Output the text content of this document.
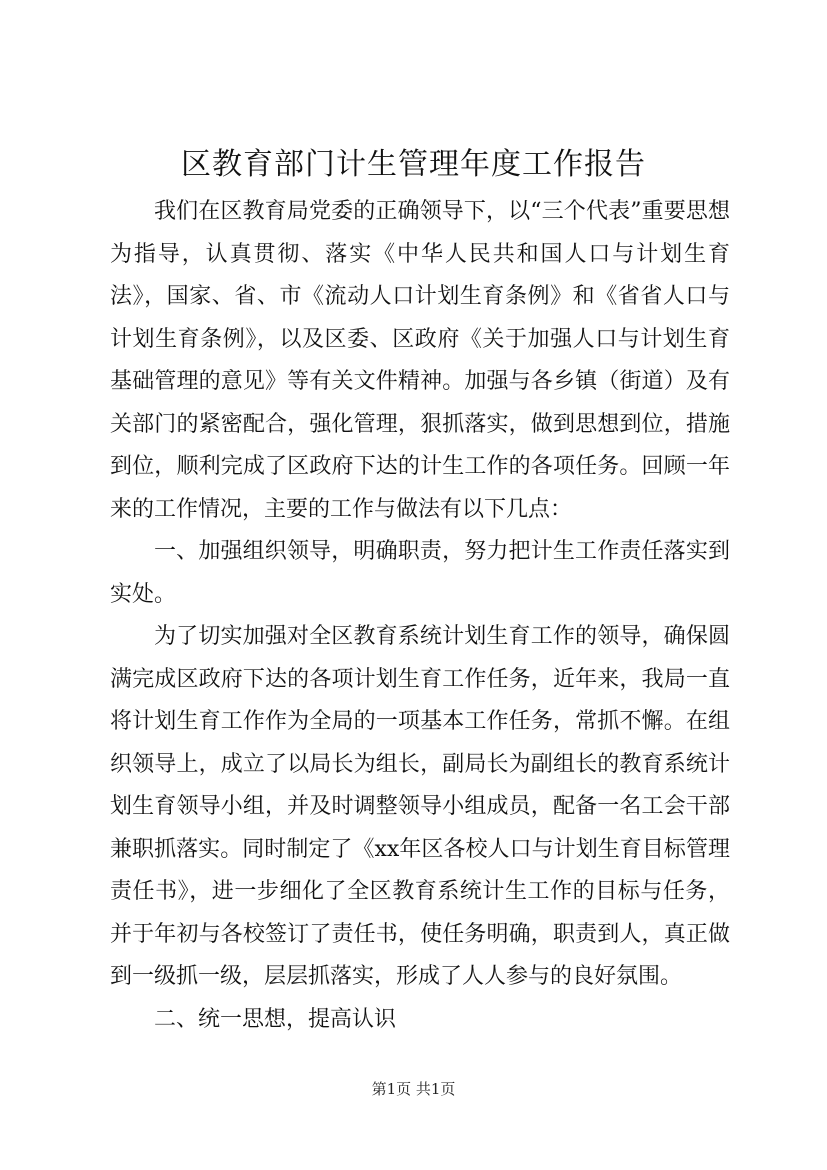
区教育部门计生管理年度工作报告

我们在区教育局党委的正确领导下，以“三个代表”重要思想为指导，认真贯彻、落实《中华人民共和国人口与计划生育法》，国家、省、市《流动人口计划生育条例》和《省省人口与计划生育条例》，以及区委、区政府《关于加强人口与计划生育基础管理的意见》等有关文件精神。加强与各乡镇（街道）及有关部门的紧密配合，强化管理，狠抓落实，做到思想到位，措施到位，顺利完成了区政府下达的计生工作的各项任务。回顾一年来的工作情况，主要的工作与做法有以下几点：

一、加强组织领导，明确职责，努力把计生工作责任落实到实处。

为了切实加强对全区教育系统计划生育工作的领导，确保圆满完成区政府下达的各项计划生育工作任务，近年来，我局一直将计划生育工作作为全局的一项基本工作任务，常抓不懈。在组织领导上，成立了以局长为组长，副局长为副组长的教育系统计划生育领导小组，并及时调整领导小组成员，配备一名工会干部兼职抓落实。同时制定了《xx年区各校人口与计划生育目标管理责任书》，进一步细化了全区教育系统计生工作的目标与任务，并于年初与各校签订了责任书，使任务明确，职责到人，真正做到一级抓一级，层层抓落实，形成了人人参与的良好氛围。

二、统一思想，提高认识

第1页 共1页
